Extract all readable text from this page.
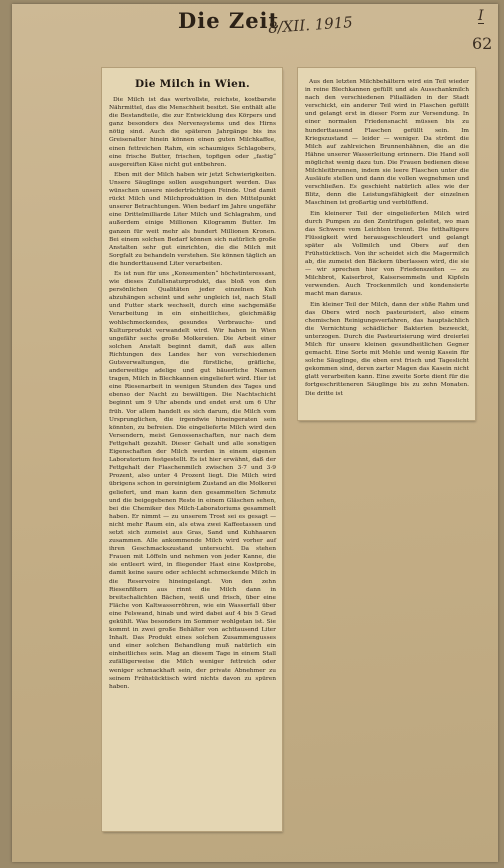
Die Zeit
8/XII. 1915	I
62
Die Milch in Wien.

Die Milch ist das wertvollste, reichste, kostbarste Nährmittel, das die Menschheit besitzt. Sie enthält alle die Bestandteile, die zur Entwicklung des Körpers und ganz besonders des Nervensystems und des Hirns nötig sind. Auch die späteren Jahrgänge bis ins Greisenalter hinein können einen guten Milchkaffee, einen fettreichen Rahm, ein schaumiges Schlagobers, eine frische Butter, frischen, topfigen oder „fastig“ ausgereiften Käse nicht gut entbehren.

Eben mit der Milch haben wir jetzt Schwierigkeiten. Unsere Säuglinge sollen ausgehungert werden. Das wünschen unsere niederträchtigen Feinde. Und damit rückt Milch und Milchproduktion in den Mittelpunkt unserer Betrachtungen. Wien bedarf im Jahre ungefähr eine Drittelmilliarde Liter Milch und Schlagrahm, und außerdem einige Millionen Kilogramm Butter. Im ganzen für weit mehr als hundert Millionen Kronen. Bei einem solchen Bedarf können sich natürlich große Anstalten sehr gut einrichten, die die Milch mit Sorgfalt zu behandeln verstehen. Sie können täglich an die hunderttausend Liter verarbeiten.

Es ist nun für uns „Konsumenten“ höchstinteressant, wie dieses Zufallsnaturprodukt, das bloß von den persönlichen Qualitäten jeder einzelnen Kuh abzuhängen scheint und sehr ungleich ist, nach Stall und Futter stark wechselt, durch eine sachgemäße Verarbeitung in ein einheitliches, gleichmäßig wohlschmeckendes, gesundes Verbrauchs- und Kulturprodukt verwandelt wird. Wir haben in Wien ungefähr sechs große Molkereien. Die Arbeit einer solchen Anstalt beginnt damit, daß aus allen Richtungen des Landes her von verschiedenen Gutsverwaltungen, die fürstliche, gräfliche, anderweitige adelige und gut bäuerliche Namen tragen, Milch in Blechkannen eingeliefert wird. Hier ist eine Riesenarbeit in wenigen Stunden des Tages und ebenso der Nacht zu bewältigen. Die Nachtschicht beginnt um 9 Uhr abends und endet erst um 6 Uhr früh. Vor allem handelt es sich darum, die Milch vom Ursprunglichen, die irgendwie hineingeraten sein könnten, zu befreien. Die eingelieferte Milch wird den Versendern, meist Genossenschaften, nur nach dem Fettgehalt gezahlt. Dieser Gehalt und alle sonstigen Eigenschaften der Milch werden in einem eigenen Laboratorium festgestellt. Es ist hier erwähnt, daß der Fettgehalt der Flaschenmilch zwischen 3·7 und 3·9 Prozent, also unter 4 Prozent liegt. Die Milch wird übrigens schon in gereinigtem Zustand an die Molkerei geliefert, und man kann den gesammelten Schmutz und die beigegebenen Reste in einem Gläschen sehen, bei die Chemiker des Milch-Laboratoriums gesammelt haben. Er nimmt — zu unserem Trost sei es gesagt — nicht mehr Raum ein, als etwa zwei Kaffeetassen und setzt sich zumeist aus Gras, Sand und Kuhhaaren zusammen. Alle ankommende Milch wird vorher auf ihren Geschmackszustand untersucht. Da stehen Frauen mit Löffeln und nehmen von jeder Kanne, die sie entleert wird, in fliegender Hast eine Kostprobe, damit keine saure oder schlecht schmeckende Milch in die Reservoire hineingelangt. Von den zehn Riesenfiltern aus rinnt die Milch dann in breitschalichten Bächen, weiß und frisch, über eine Fläche von Kaltwasserröhren, wie ein Wasserfall über eine Felswand, hinab und wird dabei auf 4 bis 5 Grad gekühlt. Was besonders im Sommer wohlgetan ist. Sie kommt in zwei große Behälter von achttausend Liter Inhalt. Das Produkt eines solchen Zusammengusses und einer solchen Behandlung muß natürlich ein einheitliches sein. Mag an diesem Tage in einem Stall zufälligerweise die Milch weniger fettreich oder weniger schmackhaft sein, der private Abnehmer zu seinem Frühstücktisch wird nichts davon zu spüren haben.

Aus den letzten Milchbehältern wird ein Teil wieder in reine Blechkannen gefüllt und als Ausschankmilch nach den verschiedenen Filialläden in der Stadt verschickt, ein anderer Teil wird in Flaschen gefüllt und gelangt erst in dieser Form zur Versendung. In einer normalen Friedensnacht müssen bis zu hunderttausend Flaschen gefüllt sein. Im Kriegszustand — leider — weniger. Da strömt die Milch auf zahlreichen Brunnenhähnen, die an die Hähne unserer Wasserleitung erinnern. Die Hand soll möglichst wenig dazu tun. Die Frauen bedienen diese Milchleitbrunnen, indem sie leere Flaschen unter die Ausläufe stellen und dann die vollen wegnehmen und verschließen. Es geschieht natürlich alles wie der Blitz, denn die Leistungsfähigkeit der einzelnen Maschinen ist großartig und verblüffend.

Ein kleinerer Teil der eingelieferten Milch wird durch Pumpen zu den Zentrifugen geleitet, wo man das Schwere vom Leichten trennt. Die fetthaltigere Flüssigkeit wird herausgeschleudert und gelangt später als Vollmilch und Obers auf den Frühstücktisch. Von ihr scheidet sich die Magermilch ab, die zumeist den Bäckern überlassen wird, die sie — wir sprechen hier von Friedenszeiten — zu Milchbrot, Kaiserbrot, Kaisersemmeln und Kipfeln verwenden. Auch Trockenmilch und kondensierte macht man daraus.

Ein kleiner Teil der Milch, dann der süße Rahm und das Obers wird noch pasteurisiert, also einem chemischen Reinigungsverfahren, das hauptsächlich die Vernichtung schädlicher Bakterien bezweckt, unterzogen. Durch die Pasteurisierung wird dreierlei Milch für unsere kleinen gesundheitlichen Gegner gemacht. Eine Sorte mit Mehle und wenig Kasein für solche Säuglinge, die eben erst frisch und Tageslicht gekommen sind, deren zarter Magen das Kasein nicht glatt verarbeiten kann. Eine zweite Sorte dient für die fortgeschritteneren Säuglinge bis zu zehn Monaten. Die dritte ist
